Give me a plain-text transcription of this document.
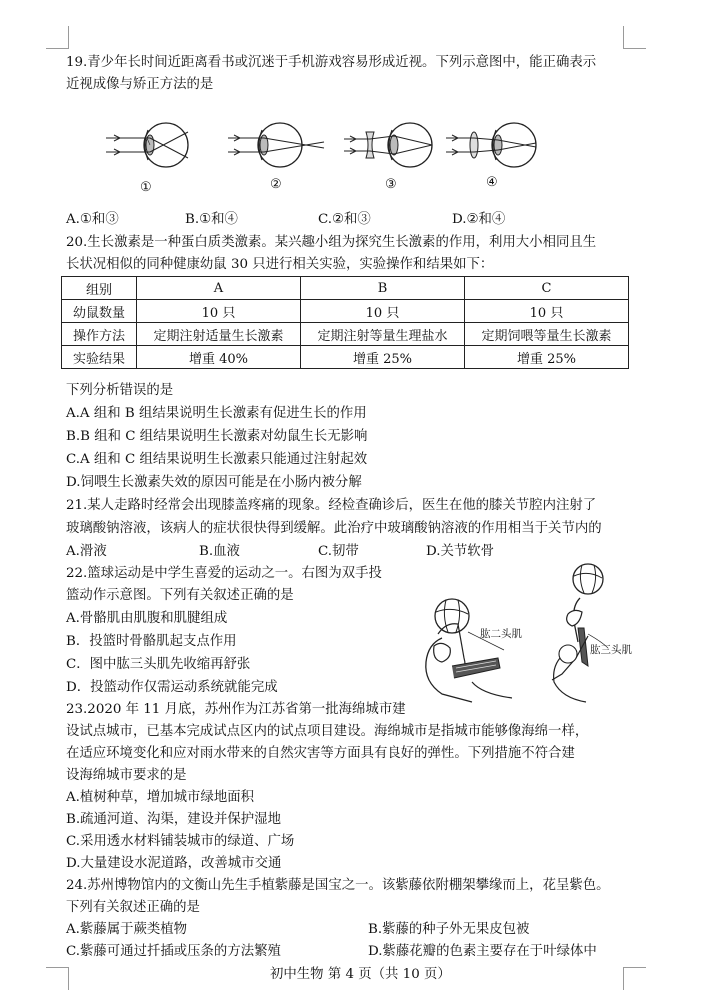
19.青少年长时间近距离看书或沉迷于手机游戏容易形成近视。下列示意图中，能正确表示
近视成像与矫正方法的是
①	②	③	④
A.①和③	B.①和④	C.②和③	D.②和④
20.生长激素是一种蛋白质类激素。某兴趣小组为探究生长激素的作用，利用大小相同且生
长状况相似的同种健康幼鼠 30 只进行相关实验，实验操作和结果如下：
组别	A	B	C
幼鼠数量	10 只	10 只	10 只
操作方法	定期注射适量生长激素	定期注射等量生理盐水	定期饲喂等量生长激素
实验结果	增重 40%	增重 25%	增重 25%
下列分析错误的是
A.A 组和 B 组结果说明生长激素有促进生长的作用
B.B 组和 C 组结果说明生长激素对幼鼠生长无影响
C.A 组和 C 组结果说明生长激素只能通过注射起效
D.饲喂生长激素失效的原因可能是在小肠内被分解
21.某人走路时经常会出现膝盖疼痛的现象。经检查确诊后，医生在他的膝关节腔内注射了
玻璃酸钠溶液，该病人的症状很快得到缓解。此治疗中玻璃酸钠溶液的作用相当于关节内的
A.滑液	B.血液	C.韧带	D.关节软骨
22.篮球运动是中学生喜爱的运动之一。右图为双手投
篮动作示意图。下列有关叙述正确的是
A.骨骼肌由肌腹和肌腱组成
B．投篮时骨骼肌起支点作用
C．图中肱三头肌先收缩再舒张
D．投篮动作仅需运动系统就能完成
肱二头肌
肱三头肌
23.2020 年 11 月底，苏州作为江苏省第一批海绵城市建
设试点城市，已基本完成试点区内的试点项目建设。海绵城市是指城市能够像海绵一样，
在适应环境变化和应对雨水带来的自然灾害等方面具有良好的弹性。下列措施不符合建
设海绵城市要求的是
A.植树种草，增加城市绿地面积
B.疏通河道、沟渠，建设并保护湿地
C.采用透水材料铺装城市的绿道、广场
D.大量建设水泥道路，改善城市交通
24.苏州博物馆内的文衡山先生手植紫藤是国宝之一。该紫藤依附棚架攀缘而上，花呈紫色。
下列有关叙述正确的是
A.紫藤属于蕨类植物	B.紫藤的种子外无果皮包被
C.紫藤可通过扦插或压条的方法繁殖	D.紫藤花瓣的色素主要存在于叶绿体中
初中生物 第 4 页（共 10 页）
